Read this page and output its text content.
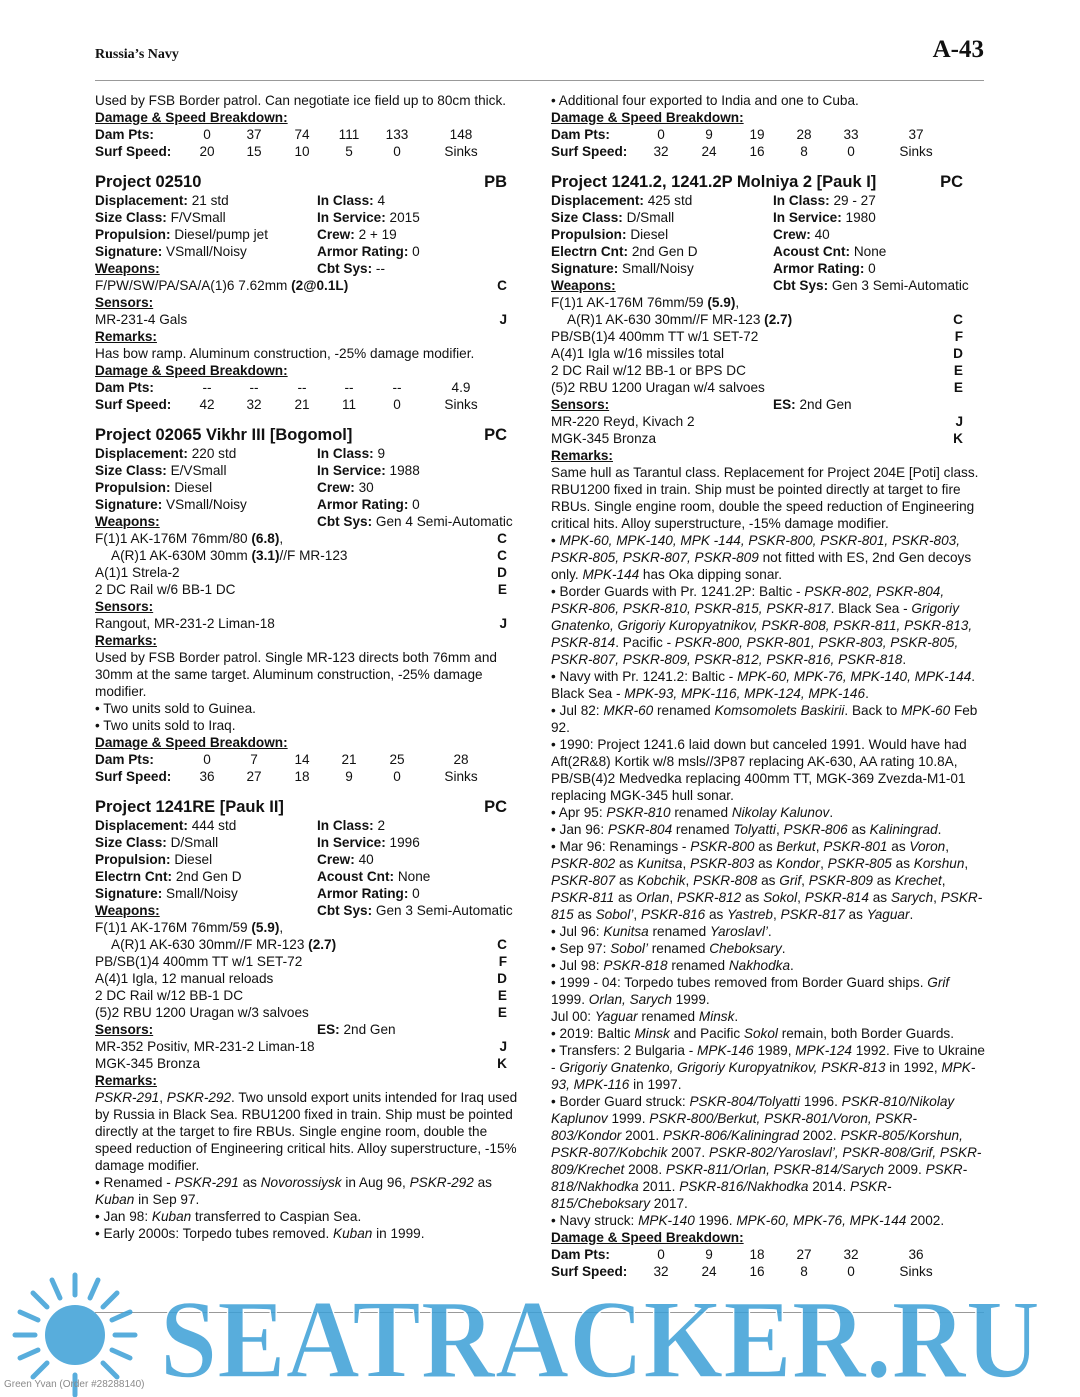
Russia’s Navy	A-43
Used by FSB Border patrol. Can negotiate ice field up to 80cm thick.
Damage & Speed Breakdown:
Dam Pts:	0	37 74 111 133	148
Surf Speed: 20 15 10	5	0	Sinks
Project 02510	PB
Displacement: 21 std	In Class: 4
Size Class: F/VSmall	In Service: 2015
Propulsion: Diesel/pump jet	Crew: 2 + 19
Signature: VSmall/Noisy	Armor Rating: 0
Weapons:	Cbt Sys: --
F/PW/SW/PA/SA/A(1)6 7.62mm (2@0.1L)	C
Sensors:
MR-231-4 Gals	J
Remarks:
Has bow ramp. Aluminum construction, -25% damage modifier.
Damage & Speed Breakdown:
Dam Pts:	--	--	--	--	--	4.9
Surf Speed: 42 32 21 11	0	Sinks
Project 02065 Vikhr III [Bogomol]	PC
Displacement: 220 std	In Class: 9
Size Class: E/VSmall	In Service: 1988
Propulsion: Diesel	Crew: 30
Signature: VSmall/Noisy	Armor Rating: 0
Weapons:	Cbt Sys: Gen 4 Semi-Automatic
F(1)1 AK-176M 76mm/80 (6.8),	C
A(R)1 AK-630M 30mm (3.1)//F MR-123	C
A(1)1 Strela-2	D
2 DC Rail w/6 BB-1 DC	E
Sensors:
Rangout, MR-231-2 Liman-18	J
Remarks:
Used by FSB Border patrol. Single MR-123 directs both 76mm and 30mm at the same target. Aluminum construction, -25% damage modifier.
• Two units sold to Guinea.
• Two units sold to Iraq.
Damage & Speed Breakdown:
Dam Pts:	0	7	14 21 25	28
Surf Speed: 36 27 18	9	0	Sinks
Project 1241RE [Pauk II]	PC
Displacement: 444 std	In Class: 2
Size Class: D/Small	In Service: 1996
Propulsion: Diesel	Crew: 40
Electrn Cnt: 2nd Gen D	Acoust Cnt: None
Signature: Small/Noisy	Armor Rating: 0
Weapons:	Cbt Sys: Gen 3 Semi-Automatic
F(1)1 AK-176M 76mm/59 (5.9),
A(R)1 AK-630 30mm//F MR-123 (2.7)	C
PB/SB(1)4 400mm TT w/1 SET-72	F
A(4)1 Igla, 12 manual reloads	D
2 DC Rail w/12 BB-1 DC	E
(5)2 RBU 1200 Uragan w/3 salvoes	E
Sensors:	ES: 2nd Gen
MR-352 Positiv, MR-231-2 Liman-18	J
MGK-345 Bronza	K
Remarks:
PSKR-291, PSKR-292. Two unsold export units intended for Iraq used by Russia in Black Sea. RBU1200 fixed in train. Ship must be pointed directly at the target to fire RBUs. Single engine room, double the speed reduction of Engineering critical hits. Alloy superstructure, -15% damage modifier.
• Renamed - PSKR-291 as Novorossiysk in Aug 96, PSKR-292 as Kuban in Sep 97.
• Jan 98: Kuban transferred to Caspian Sea.
• Early 2000s: Torpedo tubes removed. Kuban in 1999.
• Additional four exported to India and one to Cuba.
Damage & Speed Breakdown:
Dam Pts:	0	9	19 28 33	37
Surf Speed: 32 24 16	8	0	Sinks
Project 1241.2, 1241.2P Molniya 2 [Pauk I]	PC
Displacement: 425 std	In Class: 29 - 27
Size Class: D/Small	In Service: 1980
Propulsion: Diesel	Crew: 40
Electrn Cnt: 2nd Gen D	Acoust Cnt: None
Signature: Small/Noisy	Armor Rating: 0
Weapons:	Cbt Sys: Gen 3 Semi-Automatic
F(1)1 AK-176M 76mm/59 (5.9),
A(R)1 AK-630 30mm//F MR-123 (2.7)	C
PB/SB(1)4 400mm TT w/1 SET-72	F
A(4)1 Igla w/16 missiles total	D
2 DC Rail w/12 BB-1 or BPS DC	E
(5)2 RBU 1200 Uragan w/4 salvoes	E
Sensors:	ES: 2nd Gen
MR-220 Reyd, Kivach 2	J
MGK-345 Bronza	K
Remarks:
Same hull as Tarantul class. Replacement for Project 204E [Poti] class. RBU1200 fixed in train. Ship must be pointed directly at target to fire RBUs. Single engine room, double the speed reduction of Engineering critical hits. Alloy superstructure, -15% damage modifier.
• MPK-60, MPK-140, MPK -144, PSKR-800, PSKR-801, PSKR-803, PSKR-805, PSKR-807, PSKR-809 not fitted with ES, 2nd Gen decoys only. MPK-144 has Oka dipping sonar.
• Border Guards with Pr. 1241.2P: Baltic - PSKR-802, PSKR-804, PSKR-806, PSKR-810, PSKR-815, PSKR-817. Black Sea - Grigoriy Gnatenko, Grigoriy Kuropyatnikov, PSKR-808, PSKR-811, PSKR-813, PSKR-814. Pacific - PSKR-800, PSKR-801, PSKR-803, PSKR-805, PSKR-807, PSKR-809, PSKR-812, PSKR-816, PSKR-818.
• Navy with Pr. 1241.2: Baltic - MPK-60, MPK-76, MPK-140, MPK-144. Black Sea - MPK-93, MPK-116, MPK-124, MPK-146.
• Jul 82: MKR-60 renamed Komsomolets Baskirii. Back to MPK-60 Feb 92.
• 1990: Project 1241.6 laid down but canceled 1991. Would have had Aft(2R&8) Kortik w/8 msls//3P87 replacing AK-630, AA rating 10.8A, PB/SB(4)2 Medvedka replacing 400mm TT, MGK-369 Zvezda-M1-01 replacing MGK-345 hull sonar.
• Apr 95: PSKR-810 renamed Nikolay Kalunov.
• Jan 96: PSKR-804 renamed Tolyatti, PSKR-806 as Kaliningrad.
• Mar 96: Renamings - PSKR-800 as Berkut, PSKR-801 as Voron, PSKR-802 as Kunitsa, PSKR-803 as Kondor, PSKR-805 as Korshun, PSKR-807 as Kobchik, PSKR-808 as Grif, PSKR-809 as Krechet, PSKR-811 as Orlan, PSKR-812 as Sokol, PSKR-814 as Sarych, PSKR-815 as Sobol’, PSKR-816 as Yastreb, PSKR-817 as Yaguar.
• Jul 96: Kunitsa renamed Yaroslavl’.
• Sep 97: Sobol’ renamed Cheboksary.
• Jul 98: PSKR-818 renamed Nakhodka.
• 1999 - 04: Torpedo tubes removed from Border Guard ships. Grif 1999. Orlan, Sarych 1999.
Jul 00: Yaguar renamed Minsk.
• 2019: Baltic Minsk and Pacific Sokol remain, both Border Guards.
• Transfers: 2 Bulgaria - MPK-146 1989, MPK-124 1992. Five to Ukraine - Grigoriy Gnatenko, Grigoriy Kuropyatnikov, PSKR-813 in 1992, MPK-93, MPK-116 in 1997.
• Border Guard struck: PSKR-804/Tolyatti 1996. PSKR-810/Nikolay Kaplunov 1999. PSKR-800/Berkut, PSKR-801/Voron, PSKR-803/Kondor 2001. PSKR-806/Kaliningrad 2002. PSKR-805/Korshun, PSKR-807/Kobchik 2007. PSKR-802/Yaroslavl’, PSKR-808/Grif, PSKR-809/Krechet 2008. PSKR-811/Orlan, PSKR-814/Sarych 2009. PSKR-818/Nakhodka 2011. PSKR-816/Nakhodka 2014. PSKR-815/Cheboksary 2017.
• Navy struck: MPK-140 1996. MPK-60, MPK-76, MPK-144 2002.
Damage & Speed Breakdown:
Dam Pts:	0	9	18 27 32	36
Surf Speed: 32 24 16	8	0	Sinks
SEATRACKER.RU
Green Yvan (Order #28288140)
